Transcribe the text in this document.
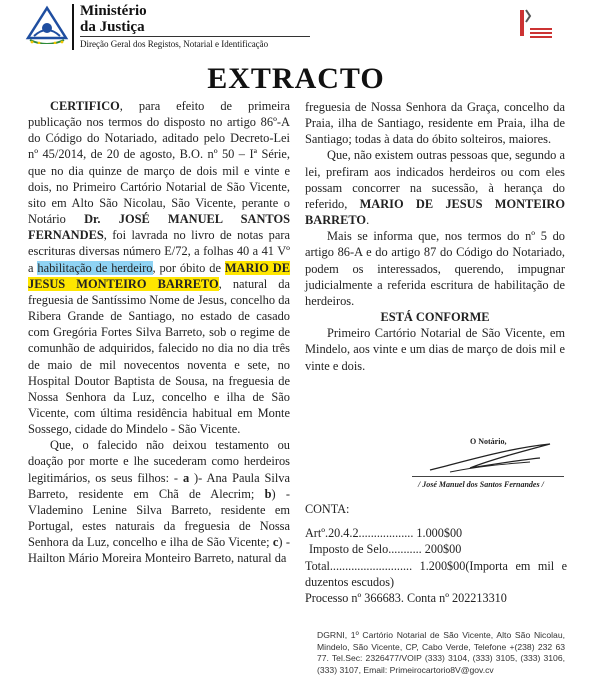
Ministério
da Justiça
Direção Geral dos Registos, Notarial e Identificação
EXTRACTO

CERTIFICO, para efeito de primeira publicação nos termos do disposto no artigo 86º-A do Código do Notariado, aditado pelo Decreto-Lei nº 45/2014, de 20 de agosto, B.O. nº 50 – Iª Série, que no dia quinze de março de dois mil e vinte e dois, no Primeiro Cartório Notarial de São Vicente, sito em Alto São Nicolau, São Vicente, perante o Notário Dr. JOSÉ MANUEL SANTOS FERNANDES, foi lavrada no livro de notas para escrituras diversas número E/72, a folhas 40 a 41 Vº a habilitação de herdeiro, por óbito de MARIO DE JESUS MONTEIRO BARRETO, natural da freguesia de Santíssimo Nome de Jesus, concelho da Ribera Grande de Santiago, no estado de casado com Gregória Fortes Silva Barreto, sob o regime de comunhão de adquiridos, falecido no dia no dia três de maio de mil novecentos noventa e sete, no Hospital Doutor Baptista de Sousa, na freguesia de Nossa Senhora da Luz, concelho e ilha de São Vicente, com última residência habitual em Monte Sossego, cidade do Mindelo - São Vicente.

Que, o falecido não deixou testamento ou doação por morte e lhe sucederam como herdeiros legitimários, os seus filhos: - a )- Ana Paula Silva Barreto, residente em Chã de Alecrim; b) - Vlademino Lenine Silva Barreto, residente em Portugal, estes naturais da freguesia de Nossa Senhora da Luz, concelho e ilha de São Vicente; c) - Hailton Mário Moreira Monteiro Barreto, natural da

freguesia de Nossa Senhora da Graça, concelho da Praia, ilha de Santiago, residente em Praia, ilha de Santiago; todas à data do óbito solteiros, maiores.

Que, não existem outras pessoas que, segundo a lei, prefiram aos indicados herdeiros ou com eles possam concorrer na sucessão, à herança do referido, MARIO DE JESUS MONTEIRO BARRETO.

Mais se informa que, nos termos do nº 5 do artigo 86-A e do artigo 87 do Código do Notariado, podem os interessados, querendo, impugnar judicialmente a referida escritura de habilitação de herdeiros.

ESTÁ CONFORME

Primeiro Cartório Notarial de São Vicente, em Mindelo, aos vinte e um dias de março de dois mil e vinte e dois.

O Notário,
/ José Manuel dos Santos Fernandes /
CONTA:
Artº.20.4.2.................. 1.000$00
Imposto de Selo........... 200$00
Total........................... 1.200$00(Importa em mil e duzentos escudos)
Processo nº 366683. Conta nº 202213310
DGRNI, 1º Cartório Notarial de São Vicente, Alto São Nicolau, Mindelo, São Vicente, CP, Cabo Verde, Telefone +(238) 232 63 77. Tel.Sec: 2326477/VOIP (333) 3104, (333) 3105, (333) 3106, (333) 3107, Email: Primeirocartorio8V@gov.cv
